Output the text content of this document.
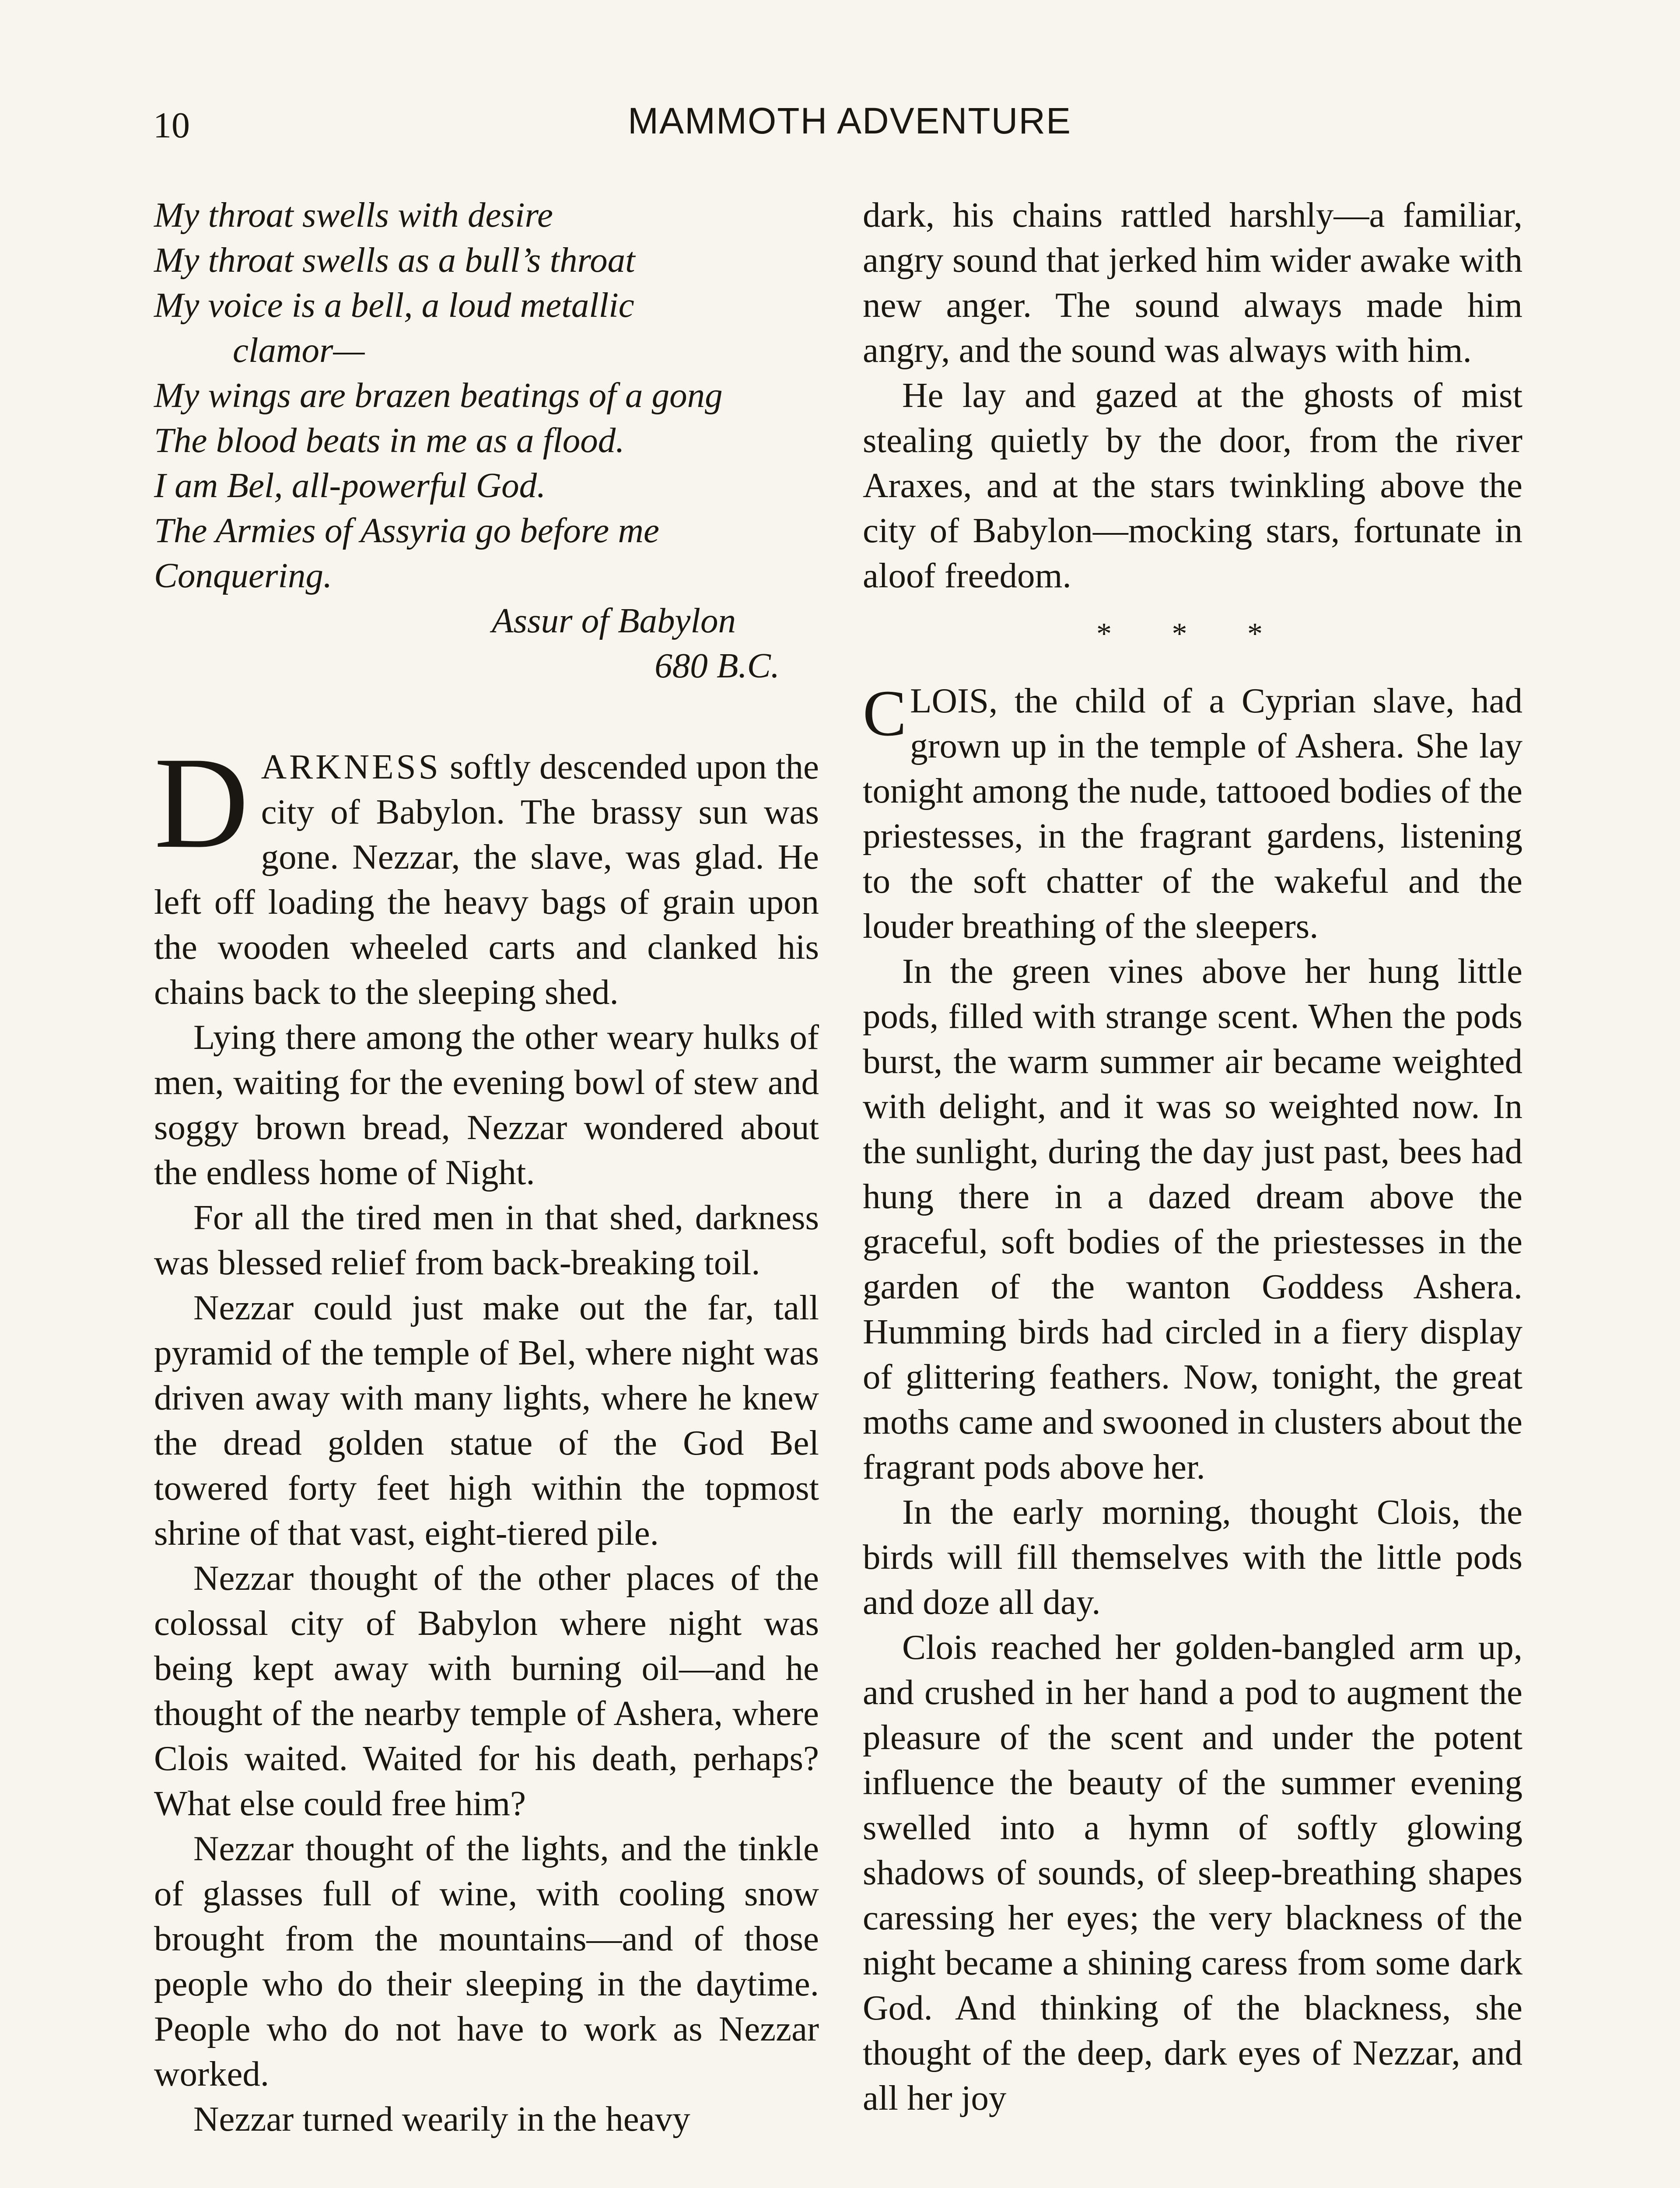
10	MAMMOTH ADVENTURE
My throat swells with desire
My throat swells as a bull’s throat
My voice is a bell, a loud metallic
clamor—
My wings are brazen beatings of a gong
The blood beats in me as a flood.
I am Bel, all-powerful God.
The Armies of Assyria go before me
Conquering.
Assur of Babylon
680 B.C.

DARKNESS softly descended upon the city of Babylon. The brassy sun was gone. Nezzar, the slave, was glad. He left off loading the heavy bags of grain upon the wooden wheeled carts and clanked his chains back to the sleeping shed.

Lying there among the other weary hulks of men, waiting for the evening bowl of stew and soggy brown bread, Nezzar wondered about the endless home of Night.

For all the tired men in that shed, darkness was blessed relief from back-breaking toil.

Nezzar could just make out the far, tall pyramid of the temple of Bel, where night was driven away with many lights, where he knew the dread golden statue of the God Bel towered forty feet high within the topmost shrine of that vast, eight-tiered pile.

Nezzar thought of the other places of the colossal city of Babylon where night was being kept away with burning oil—and he thought of the nearby temple of Ashera, where Clois waited. Waited for his death, perhaps? What else could free him?

Nezzar thought of the lights, and the tinkle of glasses full of wine, with cooling snow brought from the mountains—and of those people who do their sleeping in the daytime. People who do not have to work as Nezzar worked.

Nezzar turned wearily in the heavy

dark, his chains rattled harshly—a familiar, angry sound that jerked him wider awake with new anger. The sound always made him angry, and the sound was always with him.

He lay and gazed at the ghosts of mist stealing quietly by the door, from the river Araxes, and at the stars twinkling above the city of Babylon—mocking stars, fortunate in aloof freedom.

* * *

CLOIS, the child of a Cyprian slave, had grown up in the temple of Ashera. She lay tonight among the nude, tattooed bodies of the priestesses, in the fragrant gardens, listening to the soft chatter of the wakeful and the louder breathing of the sleepers.

In the green vines above her hung little pods, filled with strange scent. When the pods burst, the warm summer air became weighted with delight, and it was so weighted now. In the sunlight, during the day just past, bees had hung there in a dazed dream above the graceful, soft bodies of the priestesses in the garden of the wanton Goddess Ashera. Humming birds had circled in a fiery display of glittering feathers. Now, tonight, the great moths came and swooned in clusters about the fragrant pods above her.

In the early morning, thought Clois, the birds will fill themselves with the little pods and doze all day.

Clois reached her golden-bangled arm up, and crushed in her hand a pod to augment the pleasure of the scent and under the potent influence the beauty of the summer evening swelled into a hymn of softly glowing shadows of sounds, of sleep-breathing shapes caressing her eyes; the very blackness of the night became a shining caress from some dark God. And thinking of the blackness, she thought of the deep, dark eyes of Nezzar, and all her joy
